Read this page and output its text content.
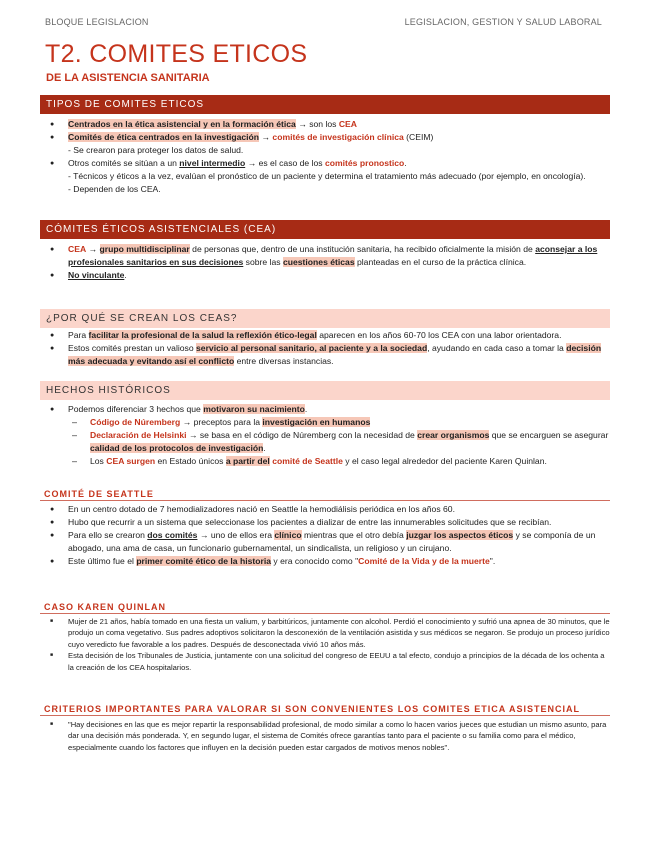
BLOQUE LEGISLACION	LEGISLACION, GESTION Y SALUD LABORAL
T2. COMITES ETICOS
DE LA ASISTENCIA SANITARIA
TIPOS DE COMITES ETICOS
● Centrados en la ética asistencial y en la formación ética → son los CEA
● Comités de ética centrados en la investigación → comités de investigación clínica (CEIM)
- Se crearon para proteger los datos de salud.
● Otros comités se sitúan a un nivel intermedio → es el caso de los comités pronostico.
- Técnicos y éticos a la vez, evalúan el pronóstico de un paciente y determina el tratamiento más adecuado (por ejemplo, en oncología).
- Dependen de los CEA.
CÓMITES ÉTICOS ASISTENCIALES (CEA)
● CEA → grupo multidisciplinar de personas que, dentro de una institución sanitaria, ha recibido oficialmente la misión de aconsejar a los profesionales sanitarios en sus decisiones sobre las cuestiones éticas planteadas en el curso de la práctica clínica.
● No vinculante.
¿POR QUÉ SE CREAN LOS CEAS?
● Para facilitar la profesional de la salud la reflexión ético-legal aparecen en los años 60-70 los CEA con una labor orientadora.
● Estos comités prestan un valioso servicio al personal sanitario, al paciente y a la sociedad, ayudando en cada caso a tomar la decisión más adecuada y evitando así el conflicto entre diversas instancias.
HECHOS HISTÓRICOS
● Podemos diferenciar 3 hechos que motivaron su nacimiento.
– Código de Núremberg → preceptos para la investigación en humanos
– Declaración de Helsinki → se basa en el código de Núremberg con la necesidad de crear organismos que se encarguen se asegurar calidad de los protocolos de investigación.
– Los CEA surgen en Estado únicos a partir del comité de Seattle y el caso legal alrededor del paciente Karen Quinlan.
COMITÉ DE SEATTLE
● En un centro dotado de 7 hemodializadores nació en Seattle la hemodiálisis periódica en los años 60.
● Hubo que recurrir a un sistema que seleccionase los pacientes a dializar de entre las innumerables solicitudes que se recibían.
● Para ello se crearon dos comités → uno de ellos era clínico mientras que el otro debía juzgar los aspectos éticos y se componía de un abogado, una ama de casa, un funcionario gubernamental, un sindicalista, un religioso y un cirujano.
● Este último fue el primer comité ético de la historia y era conocido como "Comité de la Vida y de la muerte".
CASO KAREN QUINLAN
■ Mujer de 21 años, había tomado en una fiesta un valium, y barbitúricos, juntamente con alcohol. Perdió el conocimiento y sufrió una apnea de 30 minutos, que le produjo un coma vegetativo. Sus padres adoptivos solicitaron la desconexión de la ventilación asistida y sus médicos se negaron. Se produjo un proceso jurídico cuyo veredicto fue favorable a los padres. Después de desconectada vivió 10 años más.
■ Esta decisión de los Tribunales de Justicia, juntamente con una solicitud del congreso de EEUU a tal efecto, condujo a principios de la década de los ochenta a la creación de los CEA hospitalarios.
CRITERIOS IMPORTANTES PARA VALORAR SI SON CONVENIENTES LOS COMITES ETICA ASISTENCIAL
■ "Hay decisiones en las que es mejor repartir la responsabilidad profesional, de modo similar a como lo hacen varios jueces que estudian un mismo asunto, para dar una decisión más ponderada. Y, en segundo lugar, el sistema de Comités ofrece garantías tanto para el paciente o su familia como para el médico, especialmente cuando los factores que influyen en la decisión pueden estar cargados de motivos menos nobles".
